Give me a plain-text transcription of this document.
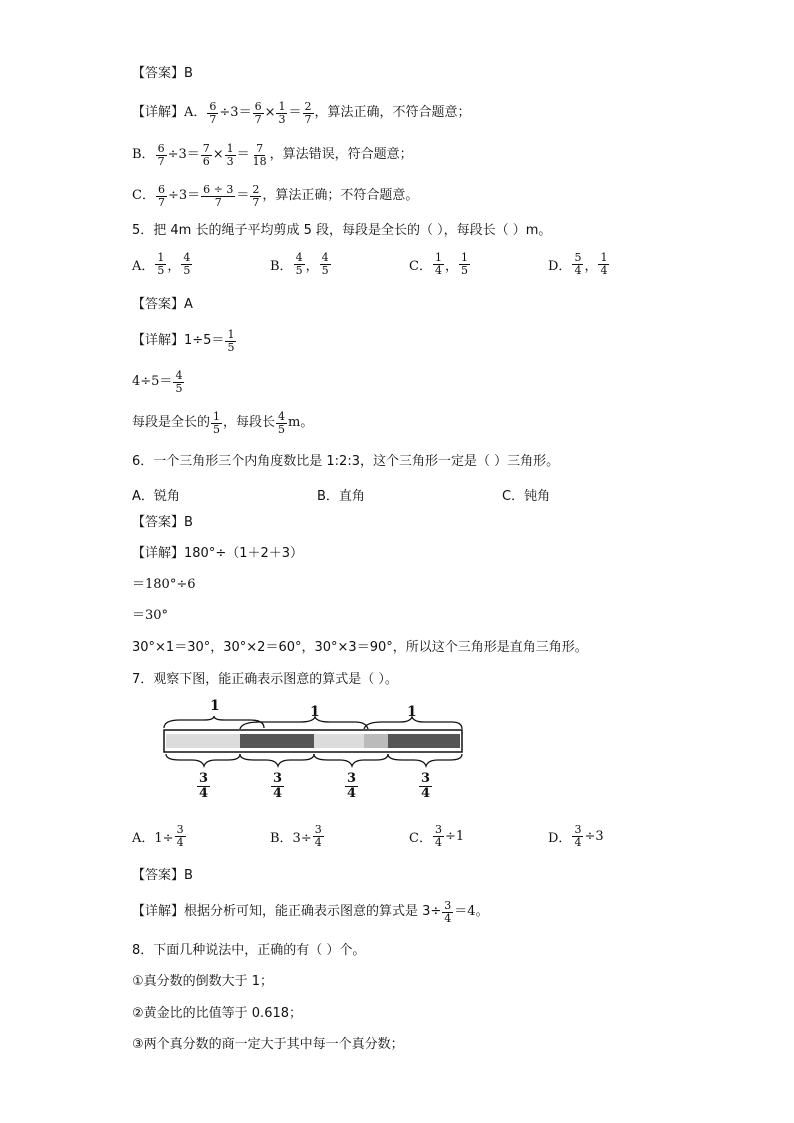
【答案】B
【详解】 A． $\frac{6}{7} \div 3= \frac{6}{7} \times \frac{1}{3} = \frac{2}{7}$ ，算法正确，不符合题意；
B． $\frac{6}{7} \div 3= \frac{7}{6} \times \frac{1}{3} = \frac{7}{18}$ ，算法错误，符合题意；
C． $\frac{6}{7} \div 3= \frac{6 \div 3}{7} = \frac{2}{7}$ ，算法正确；不符合题意。
5．把 4m 长的绳子平均剪成 5 段，每段是全长的（ ），每段长（ ）m。
A． $\frac{1}{5}$ ， $\frac{4}{5}$	B． $\frac{4}{5}$ ， $\frac{4}{5}$	C． $\frac{1}{4}$ ， $\frac{1}{5}$	D． $\frac{5}{4}$ ， $\frac{1}{4}$
【答案】A
【详解】$1\div 5= \frac{1}{5}$
$4\div 5= \frac{4}{5}$
每段是全长的 $\frac{1}{5}$ ，每段长 $\frac{4}{5}$ m。
6．一个三角形三个内角度数比是 1:2:3，这个三角形一定是（ ）三角形。
A．锐角	B．直角	C．钝角
【答案】B
【详解】180°÷（1＋2＋3）
＝180°÷6
＝30°
30°×1＝30°，30°×2＝60°，30°×3＝90°，所以这个三角形是直角三角形。
7．观察下图，能正确表示图意的算式是（ ）。
1	1	1
3
4
3
4
3
4
3
4
A．$1\div \frac{3}{4}$	B．$3\div \frac{3}{4}$	C． $\frac{3}{4} \div 1$	D． $\frac{3}{4} \div 3$
【答案】B
【详解】根据分析可知，能正确表示图意的算式是 $3\div \frac{3}{4} =4$。
8．下面几种说法中，正确的有（ ）个。
①真分数的倒数大于 1；
②黄金比的比值等于 0.618；
③两个真分数的商一定大于其中每一个真分数；
